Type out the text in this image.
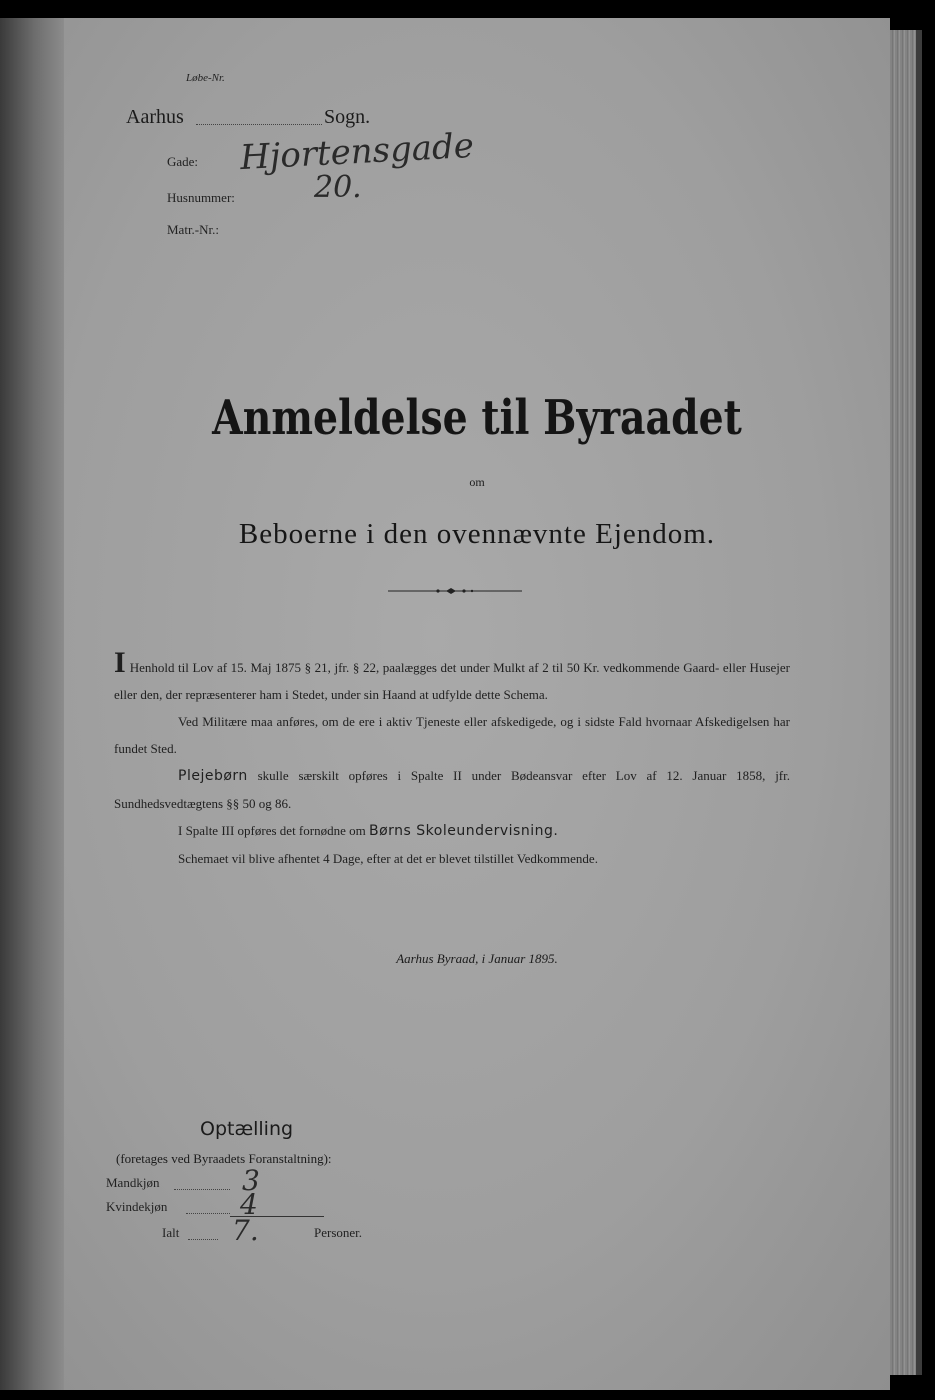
Løbe-Nr.
Aarhus	Sogn.
Gade: Hjortensgade
Husnummer:	20.
Matr.-Nr.:
Anmeldelse til Byraadet
om
Beboerne i den ovennævnte Ejendom.

I Henhold til Lov af 15. Maj 1875 § 21, jfr. § 22, paalægges det under Mulkt af 2 til 50 Kr. vedkommende Gaard- eller Husejer eller den, der repræsenterer ham i Stedet, under sin Haand at udfylde dette Schema.

Ved Militære maa anføres, om de ere i aktiv Tjeneste eller afskedigede, og i sidste Fald hvornaar Afskedigelsen har fundet Sted.

Plejebørn skulle særskilt opføres i Spalte II under Bødeansvar efter Lov af 12. Januar 1858, jfr. Sundhedsvedtægtens §§ 50 og 86.

I Spalte III opføres det fornødne om Børns Skoleundervisning.

Schemaet vil blive afhentet 4 Dage, efter at det er blevet tilstillet Vedkommende.

Aarhus Byraad, i Januar 1895.
Optælling
(foretages ved Byraadets Foranstaltning):
Mandkjøn	3
Kvindekjøn	4
Ialt 7.	Personer.
